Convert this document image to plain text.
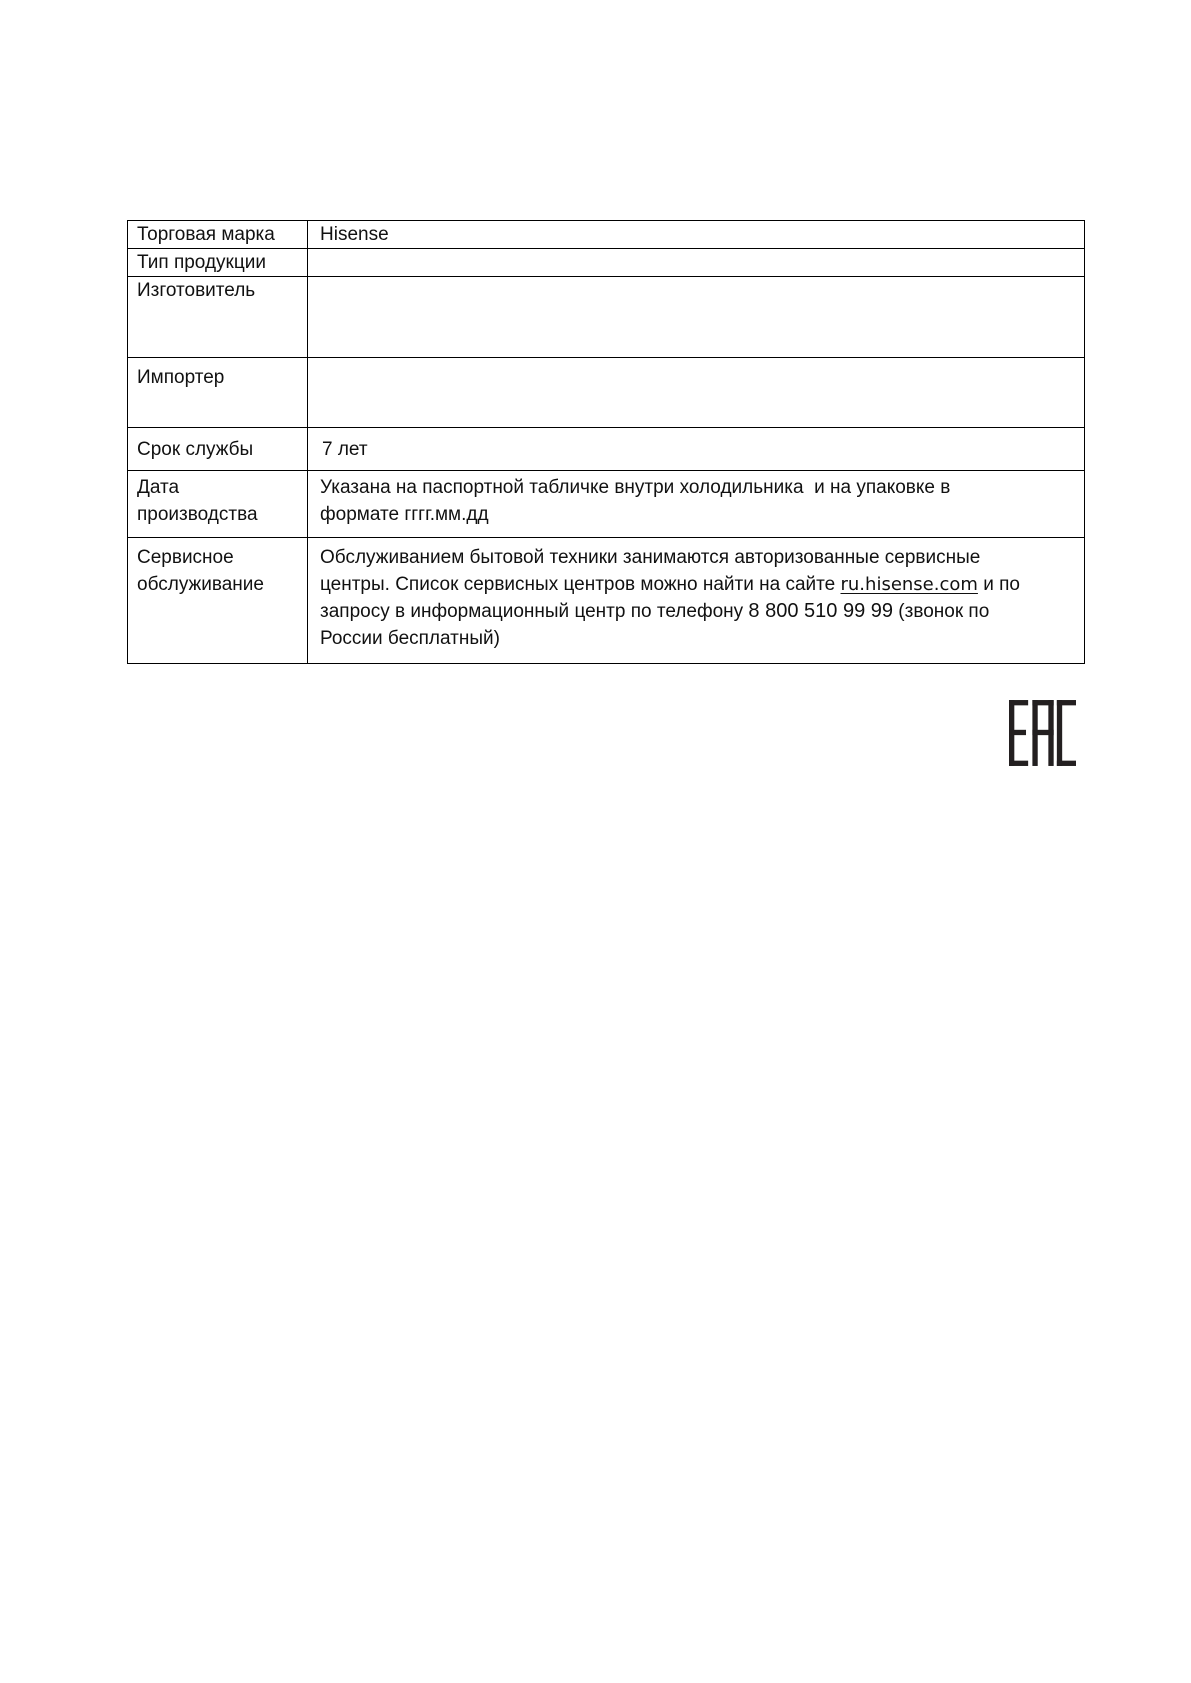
Торговая марка	Hisense
Тип продукции
Изготовитель
Импортер
Срок службы	7 лет
Дата
производства
Указана на паспортной табличке внутри холодильника  и на упаковке в
формате гггг.мм.дд
Сервисное
обслуживание
Обслуживанием бытовой техники занимаются авторизованные сервисные
центры. Список сервисных центров можно найти на сайте ru.hisense.com и по
запросу в информационный центр по телефону 8 800 510 99 99 (звонок по
России бесплатный)
